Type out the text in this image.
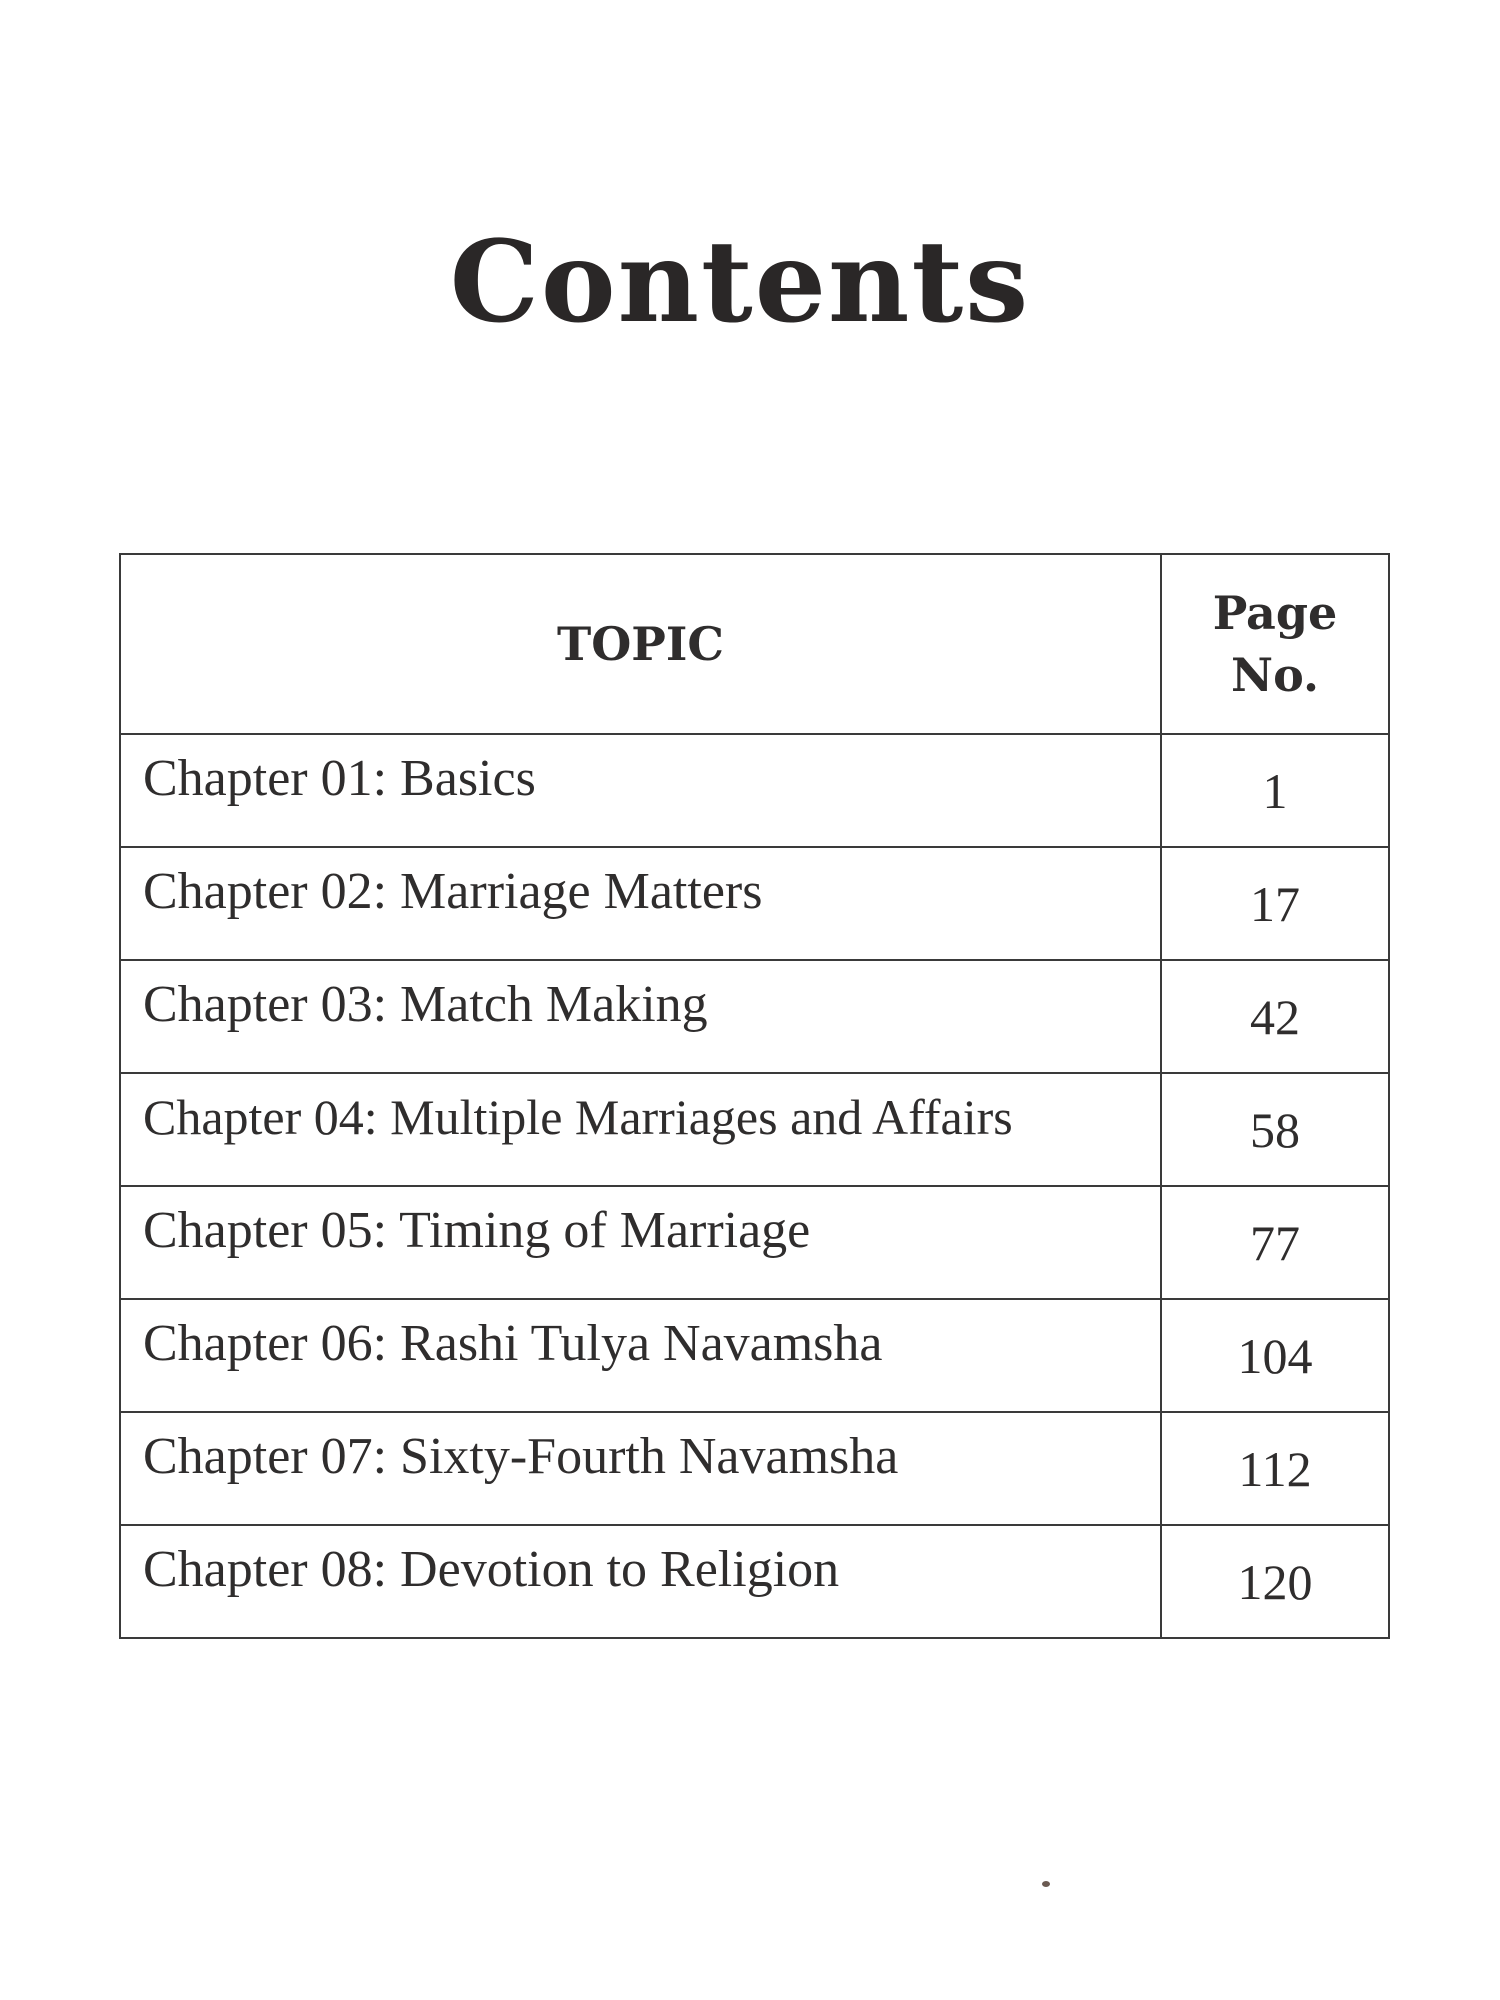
Contents
TOPIC	Page
No.

Chapter 01: Basics	1
Chapter 02: Marriage Matters	17
Chapter 03: Match Making	42
Chapter 04: Multiple Marriages and Affairs	58
Chapter 05: Timing of Marriage	77
Chapter 06: Rashi Tulya Navamsha	104
Chapter 07: Sixty-Fourth Navamsha	112
Chapter 08: Devotion to Religion	120
